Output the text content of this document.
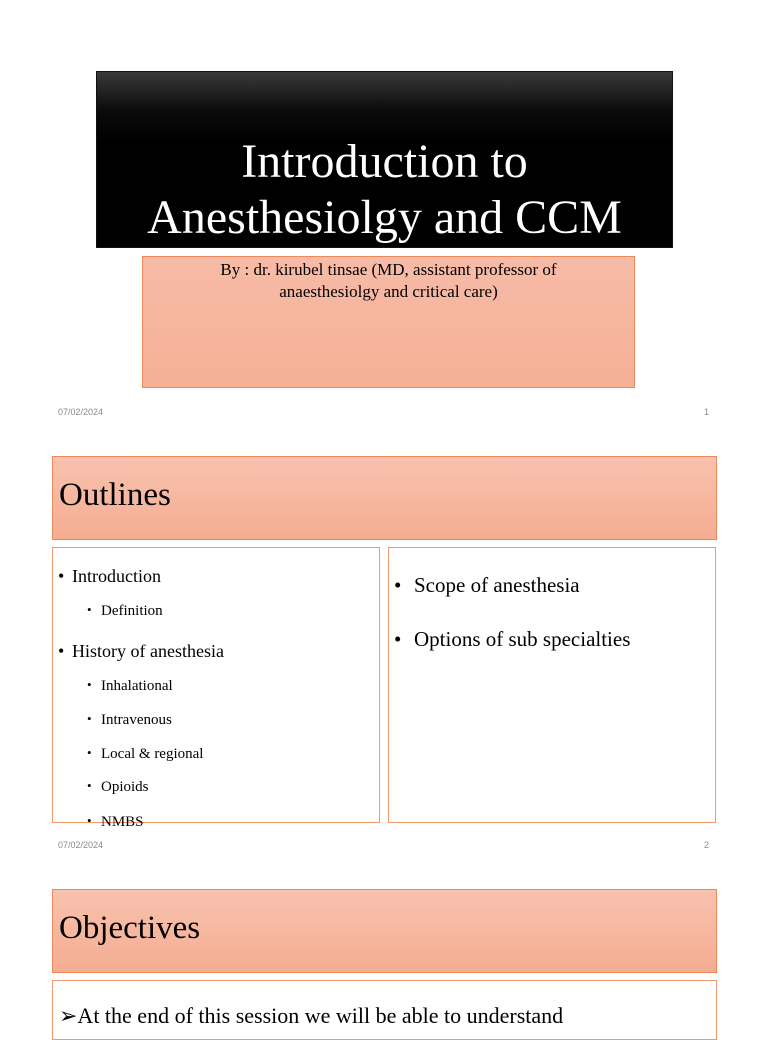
Introduction to
Anesthesiolgy and CCM
By : dr. kirubel tinsae (MD, assistant professor of
anaesthesiolgy and critical care)
07/02/2024	1
Outlines
• Introduction
• Definition
• History of anesthesia
• Inhalational
• Intravenous
• Local & regional
• Opioids
• NMBS
• Scope of anesthesia
• Options of sub specialties
07/02/2024	2
Objectives
➢At the end of this session we will be able to understand
